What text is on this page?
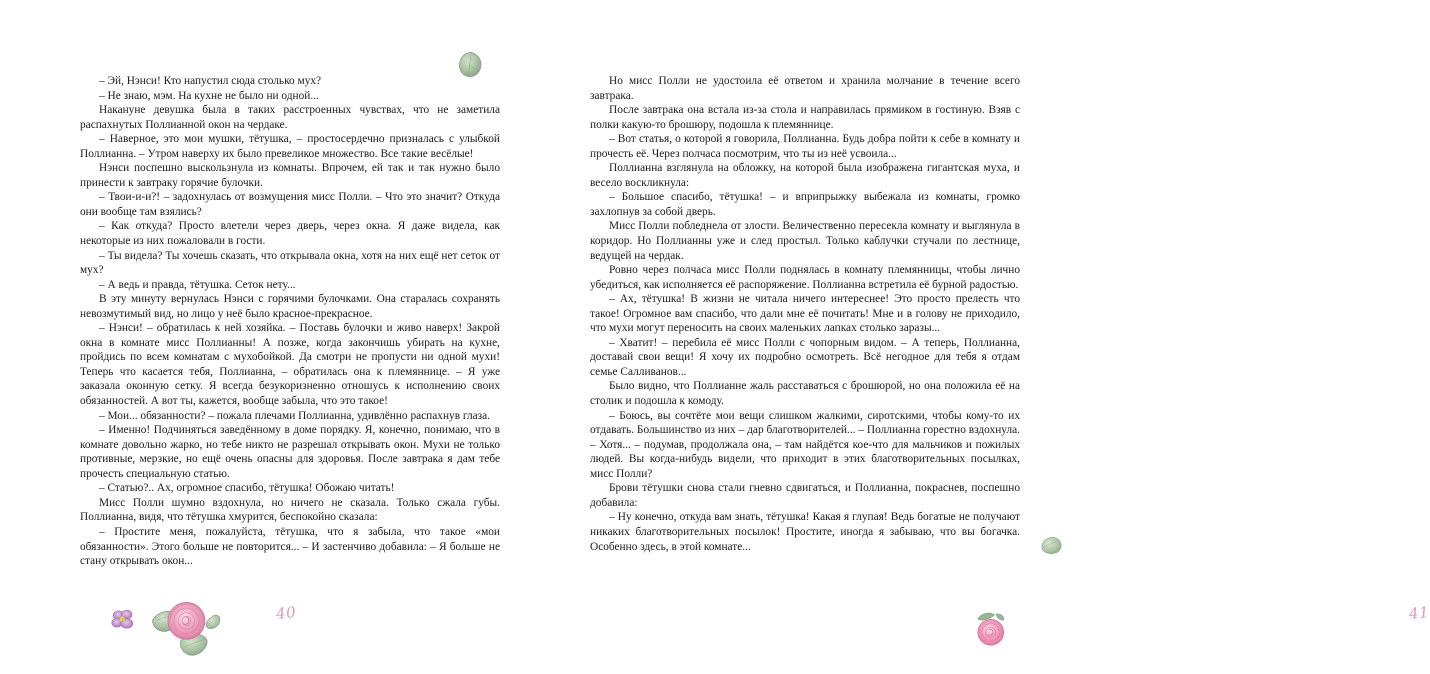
– Эй, Нэнси! Кто напустил сюда столько мух?

– Не знаю, мэм. На кухне не было ни одной...

Накануне девушка была в таких расстроенных чувствах, что не заметила распахнутых Поллианной окон на чердаке.

– Наверное, это мои мушки, тётушка, – простосердечно призналась с улыбкой Поллианна. – Утром наверху их было превеликое множество. Все такие весёлые!

Нэнси поспешно выскользнула из комнаты. Впрочем, ей так и так нужно было принести к завтраку горячие булочки.

– Твои-и-и?! – задохнулась от возмущения мисс Полли. – Что это значит? Откуда они вообще там взялись?

– Как откуда? Просто влетели через дверь, через окна. Я даже видела, как некоторые из них пожаловали в гости.

– Ты видела? Ты хочешь сказать, что открывала окна, хотя на них ещё нет сеток от мух?

– А ведь и правда, тётушка. Сеток нету...

В эту минуту вернулась Нэнси с горячими булочками. Она старалась сохранять невозмутимый вид, но лицо у неё было красное-прекрасное.

– Нэнси! – обратилась к ней хозяйка. – Поставь булочки и живо наверх! Закрой окна в комнате мисс Поллианны! А позже, когда закончишь убирать на кухне, пройдись по всем комнатам с мухобойкой. Да смотри не пропусти ни одной мухи! Теперь что касается тебя, Поллианна, – обратилась она к племяннице. – Я уже заказала оконную сетку. Я всегда безукоризненно отношусь к исполнению своих обязанностей. А вот ты, кажется, вообще забыла, что это такое!

– Мои... обязанности? – пожала плечами Поллианна, удивлённо распахнув глаза.

– Именно! Подчиняться заведённому в доме порядку. Я, конечно, понимаю, что в комнате довольно жарко, но тебе никто не разрешал открывать окон. Мухи не только противные, мерзкие, но ещё очень опасны для здоровья. После завтрака я дам тебе прочесть специальную статью.

– Статью?.. Ах, огромное спасибо, тётушка! Обожаю читать!

Мисс Полли шумно вздохнула, но ничего не сказала. Только сжала губы. Поллианна, видя, что тётушка хмурится, беспокойно сказала:

– Простите меня, пожалуйста, тётушка, что я забыла, что такое «мои обязанности». Этого больше не повторится... – И застенчиво добавила: – Я больше не стану открывать окон...

40

Но мисс Полли не удостоила её ответом и хранила молчание в течение всего завтрака.

После завтрака она встала из-за стола и направилась прямиком в гостиную. Взяв с полки какую-то брошюру, подошла к племяннице.

– Вот статья, о которой я говорила, Поллианна. Будь добра пойти к себе в комнату и прочесть её. Через полчаса посмотрим, что ты из неё усвоила...

Поллианна взглянула на обложку, на которой была изображена гигантская муха, и весело воскликнула:

– Большое спасибо, тётушка! – и вприпрыжку выбежала из комнаты, громко захлопнув за собой дверь.

Мисс Полли побледнела от злости. Величественно пересекла комнату и выглянула в коридор. Но Поллианны уже и след простыл. Только каблучки стучали по лестнице, ведущей на чердак.

Ровно через полчаса мисс Полли поднялась в комнату племянницы, чтобы лично убедиться, как исполняется её распоряжение. Поллианна встретила её бурной радостью.

– Ах, тётушка! В жизни не читала ничего интереснее! Это просто прелесть что такое! Огромное вам спасибо, что дали мне её почитать! Мне и в голову не приходило, что мухи могут переносить на своих маленьких лапках столько заразы...

– Хватит! – перебила её мисс Полли с чопорным видом. – А теперь, Поллианна, доставай свои вещи! Я хочу их подробно осмотреть. Всё негодное для тебя я отдам семье Салливанов...

Было видно, что Поллианне жаль расставаться с брошюрой, но она положила её на столик и подошла к комоду.

– Боюсь, вы сочтёте мои вещи слишком жалкими, сиротскими, чтобы кому-то их отдавать. Большинство из них – дар благотворителей... – Поллианна горестно вздохнула. – Хотя... – подумав, продолжала она, – там найдётся кое-что для мальчиков и пожилых людей. Вы когда-нибудь видели, что приходит в этих благотворительных посылках, мисс Полли?

Брови тётушки снова стали гневно сдвигаться, и Поллианна, покраснев, поспешно добавила:

– Ну конечно, откуда вам знать, тётушка! Какая я глупая! Ведь богатые не получают никаких благотворительных посылок! Простите, иногда я забываю, что вы богачка. Особенно здесь, в этой комнате...

41
